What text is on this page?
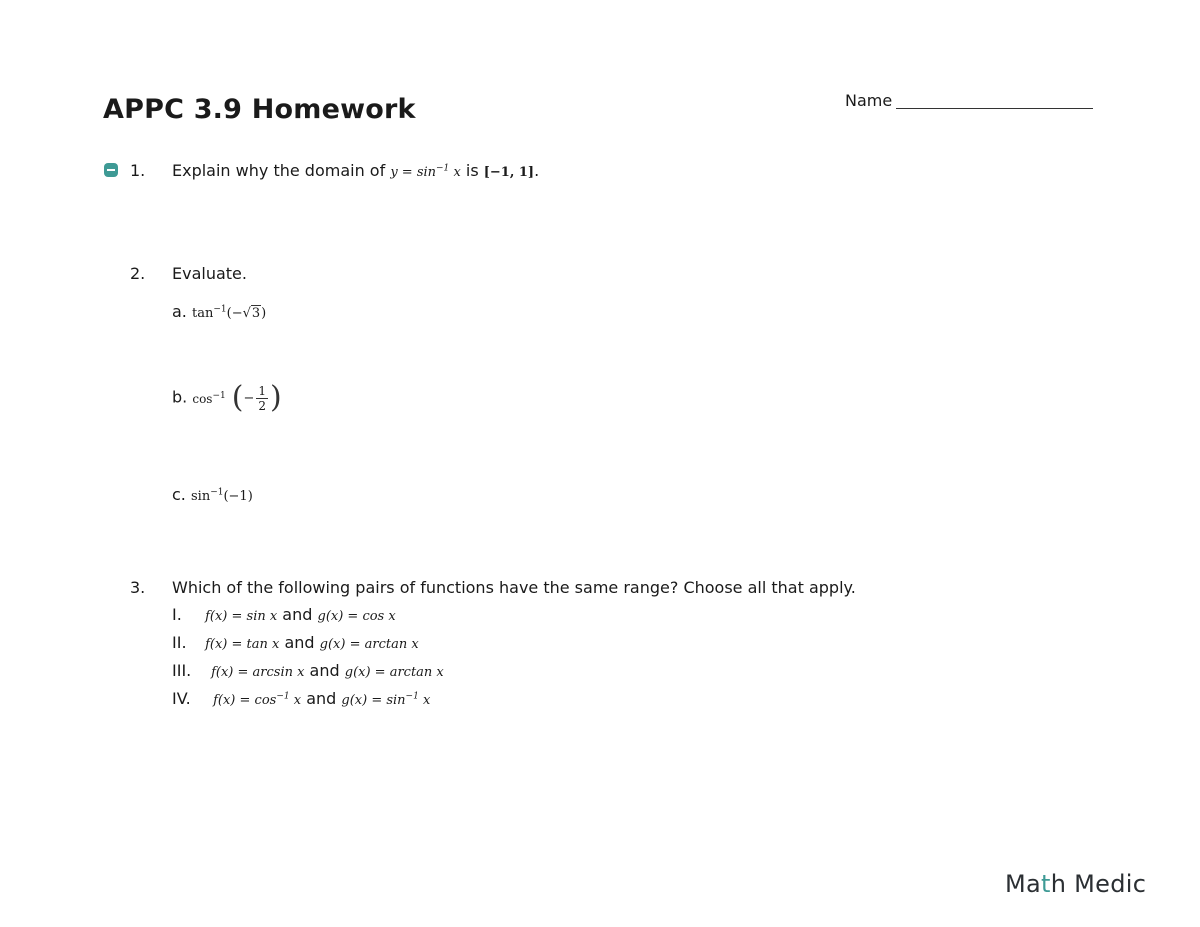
APPC 3.9 Homework	Name
1. Explain why the domain of $y = \sin^{-1} x$ is [−1, 1].
2. Evaluate.
a. $\tan^{-1}(-√3)$
b. $\cos^{-1}$ ( − $\frac{1}{2}$ )
c. $\sin^{-1}(-1)$
3. Which of the following pairs of functions have the same range? Choose all that apply.
I. f(x) = sin x and g(x) = cos x
II. f(x) = tan x and g(x) = arctan x
III. f(x) = arcsin x and g(x) = arctan x
IV. $f(x) = \cos^{-1} x$ and $g(x) = \sin^{-1} x$
Math Medic
